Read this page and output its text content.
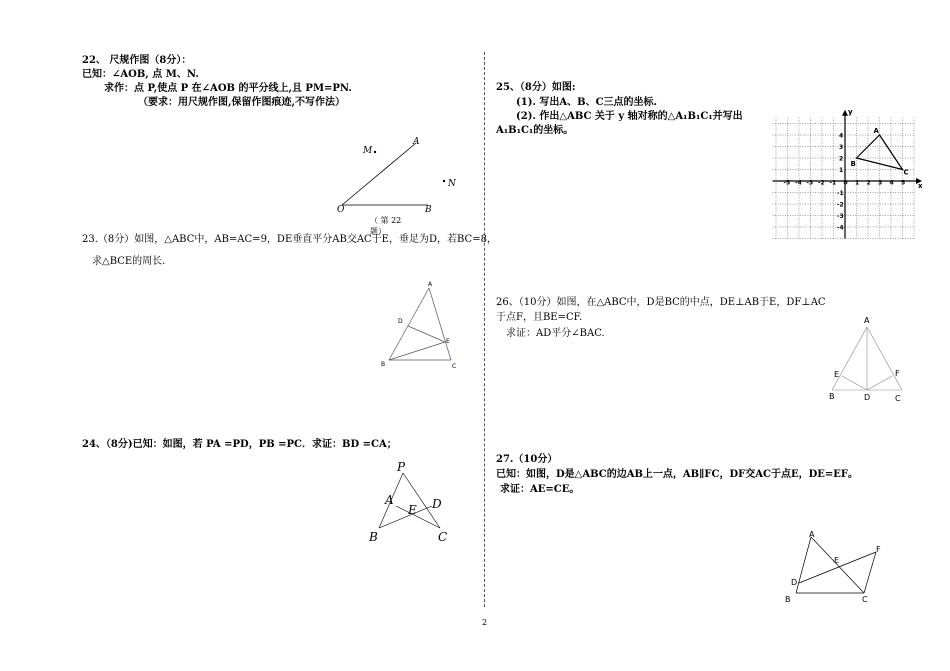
22、 尺规作图（8分）：
已知：∠AOB, 点 M、N.
求作：点 P,使点 P 在∠AOB 的平分线上,且 PM=PN.
（要求：用尺规作图,保留作图痕迹,不写作法）
M
A
N
O	B
（ 第 22
题）
23.（8分）如图，△ABC中，AB=AC=9，DE垂直平分AB交AC于E，垂足为D，若BC=8，
求△BCE的周长.
A
D
E
B	C
24、（8分)已知：如图，若 PA =PD，PB =PC．求证：BD =CA；
P
A	D
E
B	C
25、（8分）如图:
(1). 写出A、B、C三点的坐标.
(2). 作出△ABC 关于 y 轴对称的△A₁B₁C₁并写出
A₁B₁C₁的坐标。
-5 -4 -3 -2 -1 0 1 2 3 4 5
4
3
2
1
-1
-2
-3
-4
x
y
A
B
C
26、（10分）如图，在△ABC中，D是BC的中点，DE⊥AB于E，DF⊥AC
于点F，且BE=CF.
求证：AD平分∠BAC.
A
E	F
B	D	C
27.（10分）
已知：如图，D是△ABC的边AB上一点，AB∥FC，DF交AC于点E，DE=EF。
求证：AE=CE。
A
E
F
D
B	C
2
